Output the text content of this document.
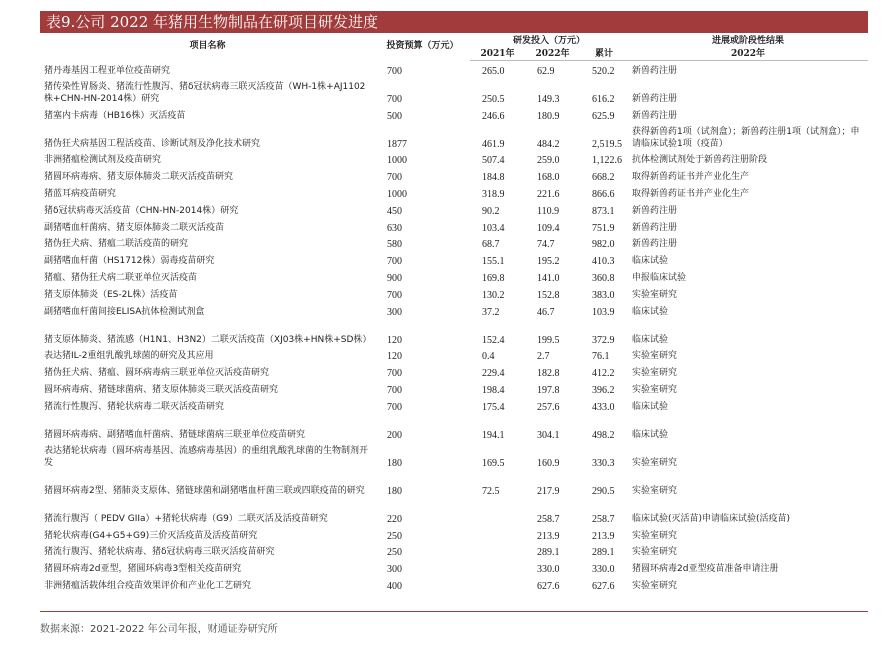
表9.公司 2022 年猪用生物制品在研项目研发进度
项目名称	投资预算（万元）	研发投入（万元）			进展或阶段性结果
		2021年	2022年	累计	2022年
猪丹毒基因工程亚单位疫苗研究	700	265.0	62.9	520.2	新兽药注册
猪传染性胃肠炎、猪流行性腹泻、猪δ冠状病毒三联灭活疫苗（WH-1株+AJ1102株+CHN-HN-2014株）研究	700	250.5	149.3	616.2	新兽药注册
猪塞内卡病毒（HB16株）灭活疫苗	500	246.6	180.9	625.9	新兽药注册
猪伪狂犬病基因工程活疫苗、诊断试剂及净化技术研究	1877	461.9	484.2	2,519.5	获得新兽药1项（试剂盒）；新兽药注册1项（试剂盒）；申请临床试验1项（疫苗）
非洲猪瘟检测试剂及疫苗研究	1000	507.4	259.0	1,122.6	抗体检测试剂处于新兽药注册阶段
猪圆环病毒病、猪支原体肺炎二联灭活疫苗研究	700	184.8	168.0	668.2	取得新兽药证书并产业化生产
猪蓝耳病疫苗研究	1000	318.9	221.6	866.6	取得新兽药证书并产业化生产
猪δ冠状病毒灭活疫苗（CHN-HN-2014株）研究	450	90.2	110.9	873.1	新兽药注册
副猪嗜血杆菌病、猪支原体肺炎二联灭活疫苗	630	103.4	109.4	751.9	新兽药注册
猪伪狂犬病、猪瘟二联活疫苗的研究	580	68.7	74.7	982.0	新兽药注册
副猪嗜血杆菌（HS1712株）弱毒疫苗研究	700	155.1	195.2	410.3	临床试验
猪瘟、猪伪狂犬病二联亚单位灭活疫苗	900	169.8	141.0	360.8	申报临床试验
猪支原体肺炎（ES-2L株）活疫苗	700	130.2	152.8	383.0	实验室研究
副猪嗜血杆菌间接ELISA抗体检测试剂盒	300	37.2	46.7	103.9	临床试验
猪支原体肺炎、猪流感（H1N1、H3N2）二联灭活疫苗（XJ03株+HN株+SD株）	120	152.4	199.5	372.9	临床试验
表达猪IL-2重组乳酸乳球菌的研究及其应用	120	0.4	2.7	76.1	实验室研究
猪伪狂犬病、猪瘟、圆环病毒病三联亚单位灭活疫苗研究	700	229.4	182.8	412.2	实验室研究
圆环病毒病、猪链球菌病、猪支原体肺炎三联灭活疫苗研究	700	198.4	197.8	396.2	实验室研究
猪流行性腹泻、猪轮状病毒二联灭活疫苗研究	700	175.4	257.6	433.0	临床试验
猪圆环病毒病、副猪嗜血杆菌病、猪链球菌病三联亚单位疫苗研究	200	194.1	304.1	498.2	临床试验
表达猪轮状病毒（圆环病毒基因、流感病毒基因）的重组乳酸乳球菌的生物制剂开发	180	169.5	160.9	330.3	实验室研究
猪圆环病毒2型、猪肺炎支原体、猪链球菌和副猪嗜血杆菌三联或四联疫苗的研究	180	72.5	217.9	290.5	实验室研究
猪流行腹泻（ PEDV GIIa）+猪轮状病毒（G9）二联灭活及活疫苗研究	220		258.7	258.7	临床试验(灭活苗)申请临床试验(活疫苗)
猪轮状病毒(G4+G5+G9)三价灭活疫苗及活疫苗研究	250		213.9	213.9	实验室研究
猪流行腹泻、猪轮状病毒、猪δ冠状病毒三联灭活疫苗研究	250		289.1	289.1	实验室研究
猪圆环病毒2d亚型，猪圆环病毒3型相关疫苗研究	300		330.0	330.0	猪圆环病毒2d亚型疫苗准备申请注册
非洲猪瘟活载体组合疫苗效果评价和产业化工艺研究	400		627.6	627.6	实验室研究
数据来源：2021-2022 年公司年报，财通证券研究所
